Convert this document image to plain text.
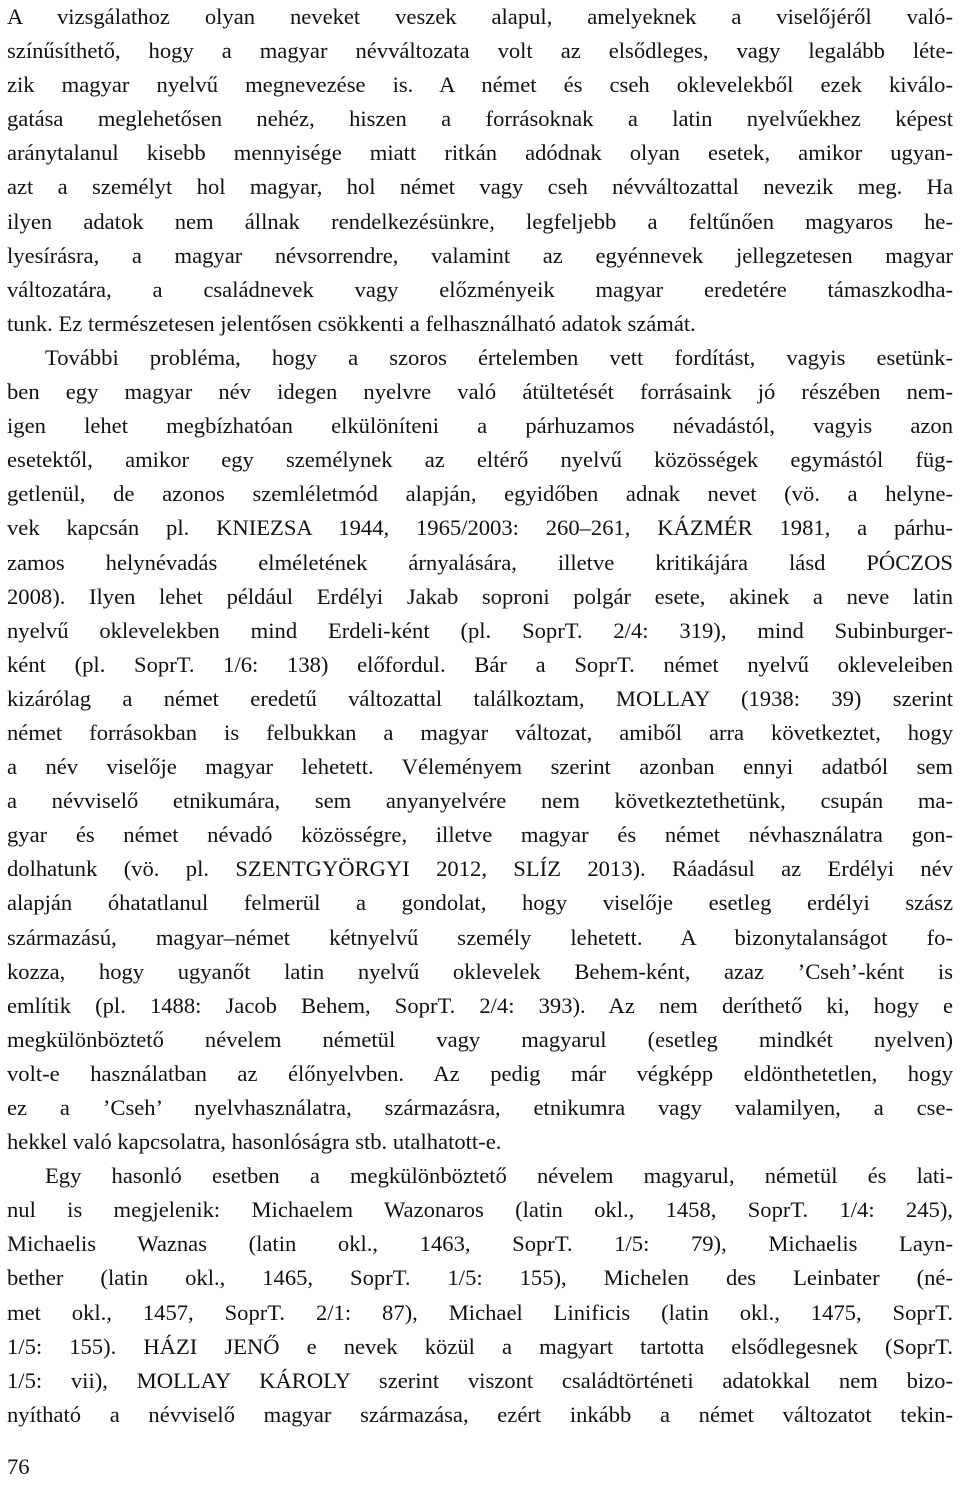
A vizsgálathoz olyan neveket veszek alapul, amelyeknek a viselőjéről való-
színűsíthető, hogy a magyar névváltozata volt az elsődleges, vagy legalább léte-
zik magyar nyelvű megnevezése is. A német és cseh oklevelekből ezek kiválo-
gatása meglehetősen nehéz, hiszen a forrásoknak a latin nyelvűekhez képest
aránytalanul kisebb mennyisége miatt ritkán adódnak olyan esetek, amikor ugyan-
azt a személyt hol magyar, hol német vagy cseh névváltozattal nevezik meg. Ha
ilyen adatok nem állnak rendelkezésünkre, legfeljebb a feltűnően magyaros he-
lyesírásra, a magyar névsorrendre, valamint az egyénnevek jellegzetesen magyar
változatára, a családnevek vagy előzményeik magyar eredetére támaszkodha-
tunk. Ez természetesen jelentősen csökkenti a felhasználható adatok számát.
További probléma, hogy a szoros értelemben vett fordítást, vagyis esetünk-
ben egy magyar név idegen nyelvre való átültetését forrásaink jó részében nem-
igen lehet megbízhatóan elkülöníteni a párhuzamos névadástól, vagyis azon
esetektől, amikor egy személynek az eltérő nyelvű közösségek egymástól füg-
getlenül, de azonos szemléletmód alapján, egyidőben adnak nevet (vö. a helyne-
vek kapcsán pl. KNIEZSA 1944, 1965/2003: 260–261, KÁZMÉR 1981, a párhu-
zamos helynévadás elméletének árnyalására, illetve kritikájára lásd PÓCZOS
2008). Ilyen lehet például Erdélyi Jakab soproni polgár esete, akinek a neve latin
nyelvű oklevelekben mind Erdeli-ként (pl. SoprT. 2/4: 319), mind Subinburger-
ként (pl. SoprT. 1/6: 138) előfordul. Bár a SoprT. német nyelvű okleveleiben
kizárólag a német eredetű változattal találkoztam, MOLLAY (1938: 39) szerint
német forrásokban is felbukkan a magyar változat, amiből arra következtet, hogy
a név viselője magyar lehetett. Véleményem szerint azonban ennyi adatból sem
a névviselő etnikumára, sem anyanyelvére nem következtethetünk, csupán ma-
gyar és német névadó közösségre, illetve magyar és német névhasználatra gon-
dolhatunk (vö. pl. SZENTGYÖRGYI 2012, SLÍZ 2013). Ráadásul az Erdélyi név
alapján óhatatlanul felmerül a gondolat, hogy viselője esetleg erdélyi szász
származású, magyar–német kétnyelvű személy lehetett. A bizonytalanságot fo-
kozza, hogy ugyanőt latin nyelvű oklevelek Behem-ként, azaz ’Cseh’-ként is
említik (pl. 1488: Jacob Behem, SoprT. 2/4: 393). Az nem deríthető ki, hogy e
megkülönböztető névelem németül vagy magyarul (esetleg mindkét nyelven)
volt-e használatban az élőnyelvben. Az pedig már végképp eldönthetetlen, hogy
ez a ’Cseh’ nyelvhasználatra, származásra, etnikumra vagy valamilyen, a cse-
hekkel való kapcsolatra, hasonlóságra stb. utalhatott-e.
Egy hasonló esetben a megkülönböztető névelem magyarul, németül és lati-
nul is megjelenik: Michaelem Wazonaros (latin okl., 1458, SoprT. 1/4: 245),
Michaelis Waznas (latin okl., 1463, SoprT. 1/5: 79), Michaelis Layn-
bether (latin okl., 1465, SoprT. 1/5: 155), Michelen des Leinbater (né-
met okl., 1457, SoprT. 2/1: 87), Michael Linificis (latin okl., 1475, SoprT.
1/5: 155). HÁZI JENŐ e nevek közül a magyart tartotta elsődlegesnek (SoprT.
1/5: vii), MOLLAY KÁROLY szerint viszont családtörténeti adatokkal nem bizo-
nyítható a névviselő magyar származása, ezért inkább a német változatot tekin-
76
